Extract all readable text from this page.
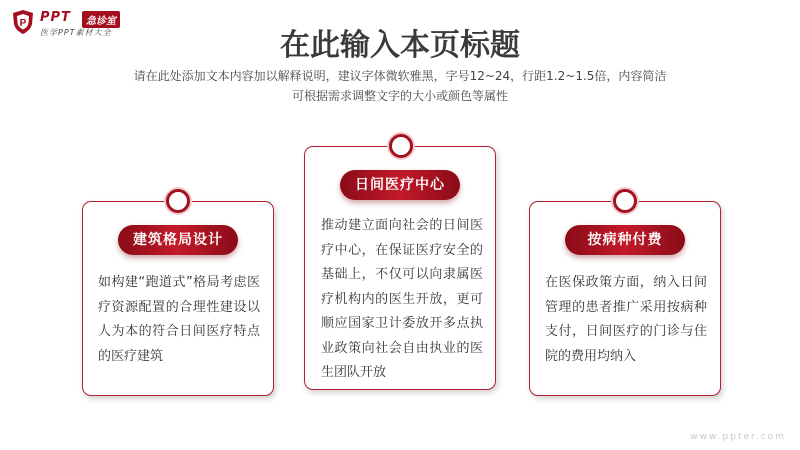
P PPT	急诊室
医学PPT素材大全	在此输入本页标题
请在此处添加文本内容加以解释说明，建议字体微软雅黑，字号12~24，行距1.2~1.5倍，内容简洁
可根据需求调整文字的大小或颜色等属性
建筑格局设计
如构建“跑道式”格局考虑医疗资源配置的合理性建设以人为本的符合日间医疗特点的医疗建筑
日间医疗中心
推动建立面向社会的日间医疗中心，在保证医疗安全的基础上，不仅可以向隶属医疗机构内的医生开放，更可顺应国家卫计委放开多点执业政策向社会自由执业的医生团队开放
按病种付费
在医保政策方面，纳入日间管理的患者推广采用按病种支付，日间医疗的门诊与住院的费用均纳入
www.ppter.com
